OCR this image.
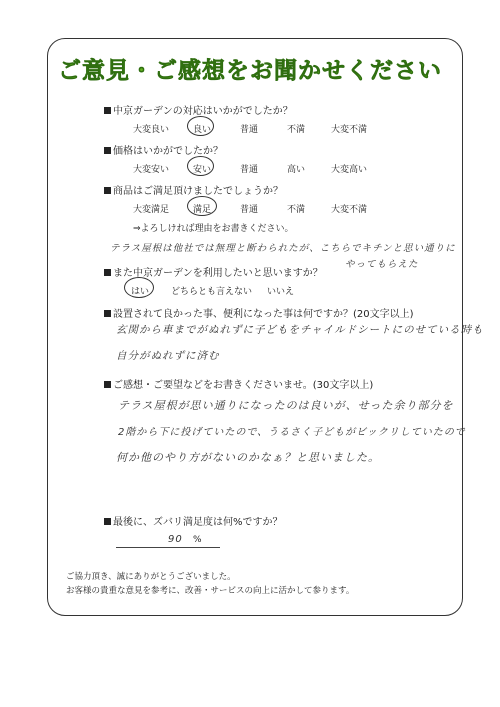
ご意見・ご感想をお聞かせください
中京ガーデンの対応はいかがでしたか？
大変良い	良い	普通	不満	大変不満
価格はいかがでしたか？
大変安い	安い	普通	高い	大変高い
商品はご満足頂けましたでしょうか？
大変満足	満足	普通	不満	大変不満
⇒よろしければ理由をお書きください。
テラス屋根は他社では無理と断わられたが、こちらでキチンと思い通りに
やってもらえた
また中京ガーデンを利用したいと思いますか？
はい どちらとも言えない いいえ
設置されて良かった事、便利になった事は何ですか？(20文字以上)
玄関から車までがぬれずに子どもをチャイルドシートにのせている時も
自分がぬれずに済む
ご感想・ご要望などをお書きくださいませ。(30文字以上)
テラス屋根が思い通りになったのは良いが、せった余り部分を
2階から下に投げていたので、うるさく子どもがビックリしていたので
何か他のやり方がないのかなぁ？と思いました。
最後に、ズバリ満足度は何%ですか？
90 %
ご協力頂き、誠にありがとうございました。
お客様の貴重な意見を参考に、改善・サービスの向上に活かして参ります。
